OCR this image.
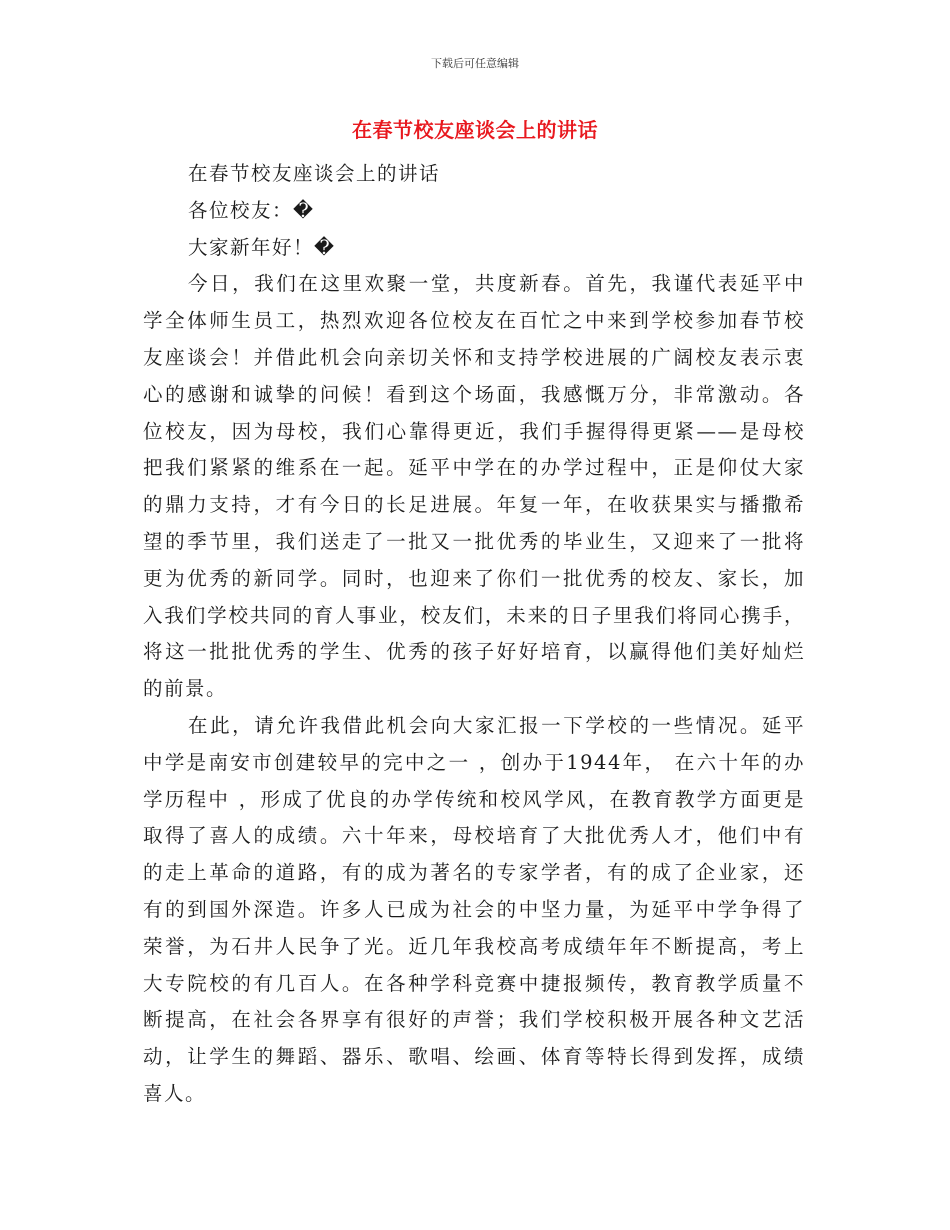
下载后可任意编辑
在春节校友座谈会上的讲话
在春节校友座谈会上的讲话
各位校友：�
大家新年好！�
今日，我们在这里欢聚一堂，共度新春。首先，我谨代表延平中
学全体师生员工，热烈欢迎各位校友在百忙之中来到学校参加春节校
友座谈会！并借此机会向亲切关怀和支持学校进展的广阔校友表示衷
心的感谢和诚挚的问候！看到这个场面，我感慨万分，非常激动。各
位校友，因为母校，我们心靠得更近，我们手握得得更紧——是母校
把我们紧紧的维系在一起。延平中学在的办学过程中，正是仰仗大家
的鼎力支持，才有今日的长足进展。年复一年，在收获果实与播撒希
望的季节里，我们送走了一批又一批优秀的毕业生，又迎来了一批将
更为优秀的新同学。同时，也迎来了你们一批优秀的校友、家长，加
入我们学校共同的育人事业，校友们，未来的日子里我们将同心携手，
将这一批批优秀的学生、优秀的孩子好好培育，以赢得他们美好灿烂
的前景。
在此，请允许我借此机会向大家汇报一下学校的一些情况。延平
中学是南安市创建较早的完中之一 ，创办于1944年， 在六十年的办
学历程中 ，形成了优良的办学传统和校风学风，在教育教学方面更是
取得了喜人的成绩。六十年来，母校培育了大批优秀人才，他们中有
的走上革命的道路，有的成为著名的专家学者，有的成了企业家，还
有的到国外深造。许多人已成为社会的中坚力量，为延平中学争得了
荣誉，为石井人民争了光。近几年我校高考成绩年年不断提高，考上
大专院校的有几百人。在各种学科竞赛中捷报频传，教育教学质量不
断提高，在社会各界享有很好的声誉；我们学校积极开展各种文艺活
动，让学生的舞蹈、器乐、歌唱、绘画、体育等特长得到发挥，成绩
喜人。
